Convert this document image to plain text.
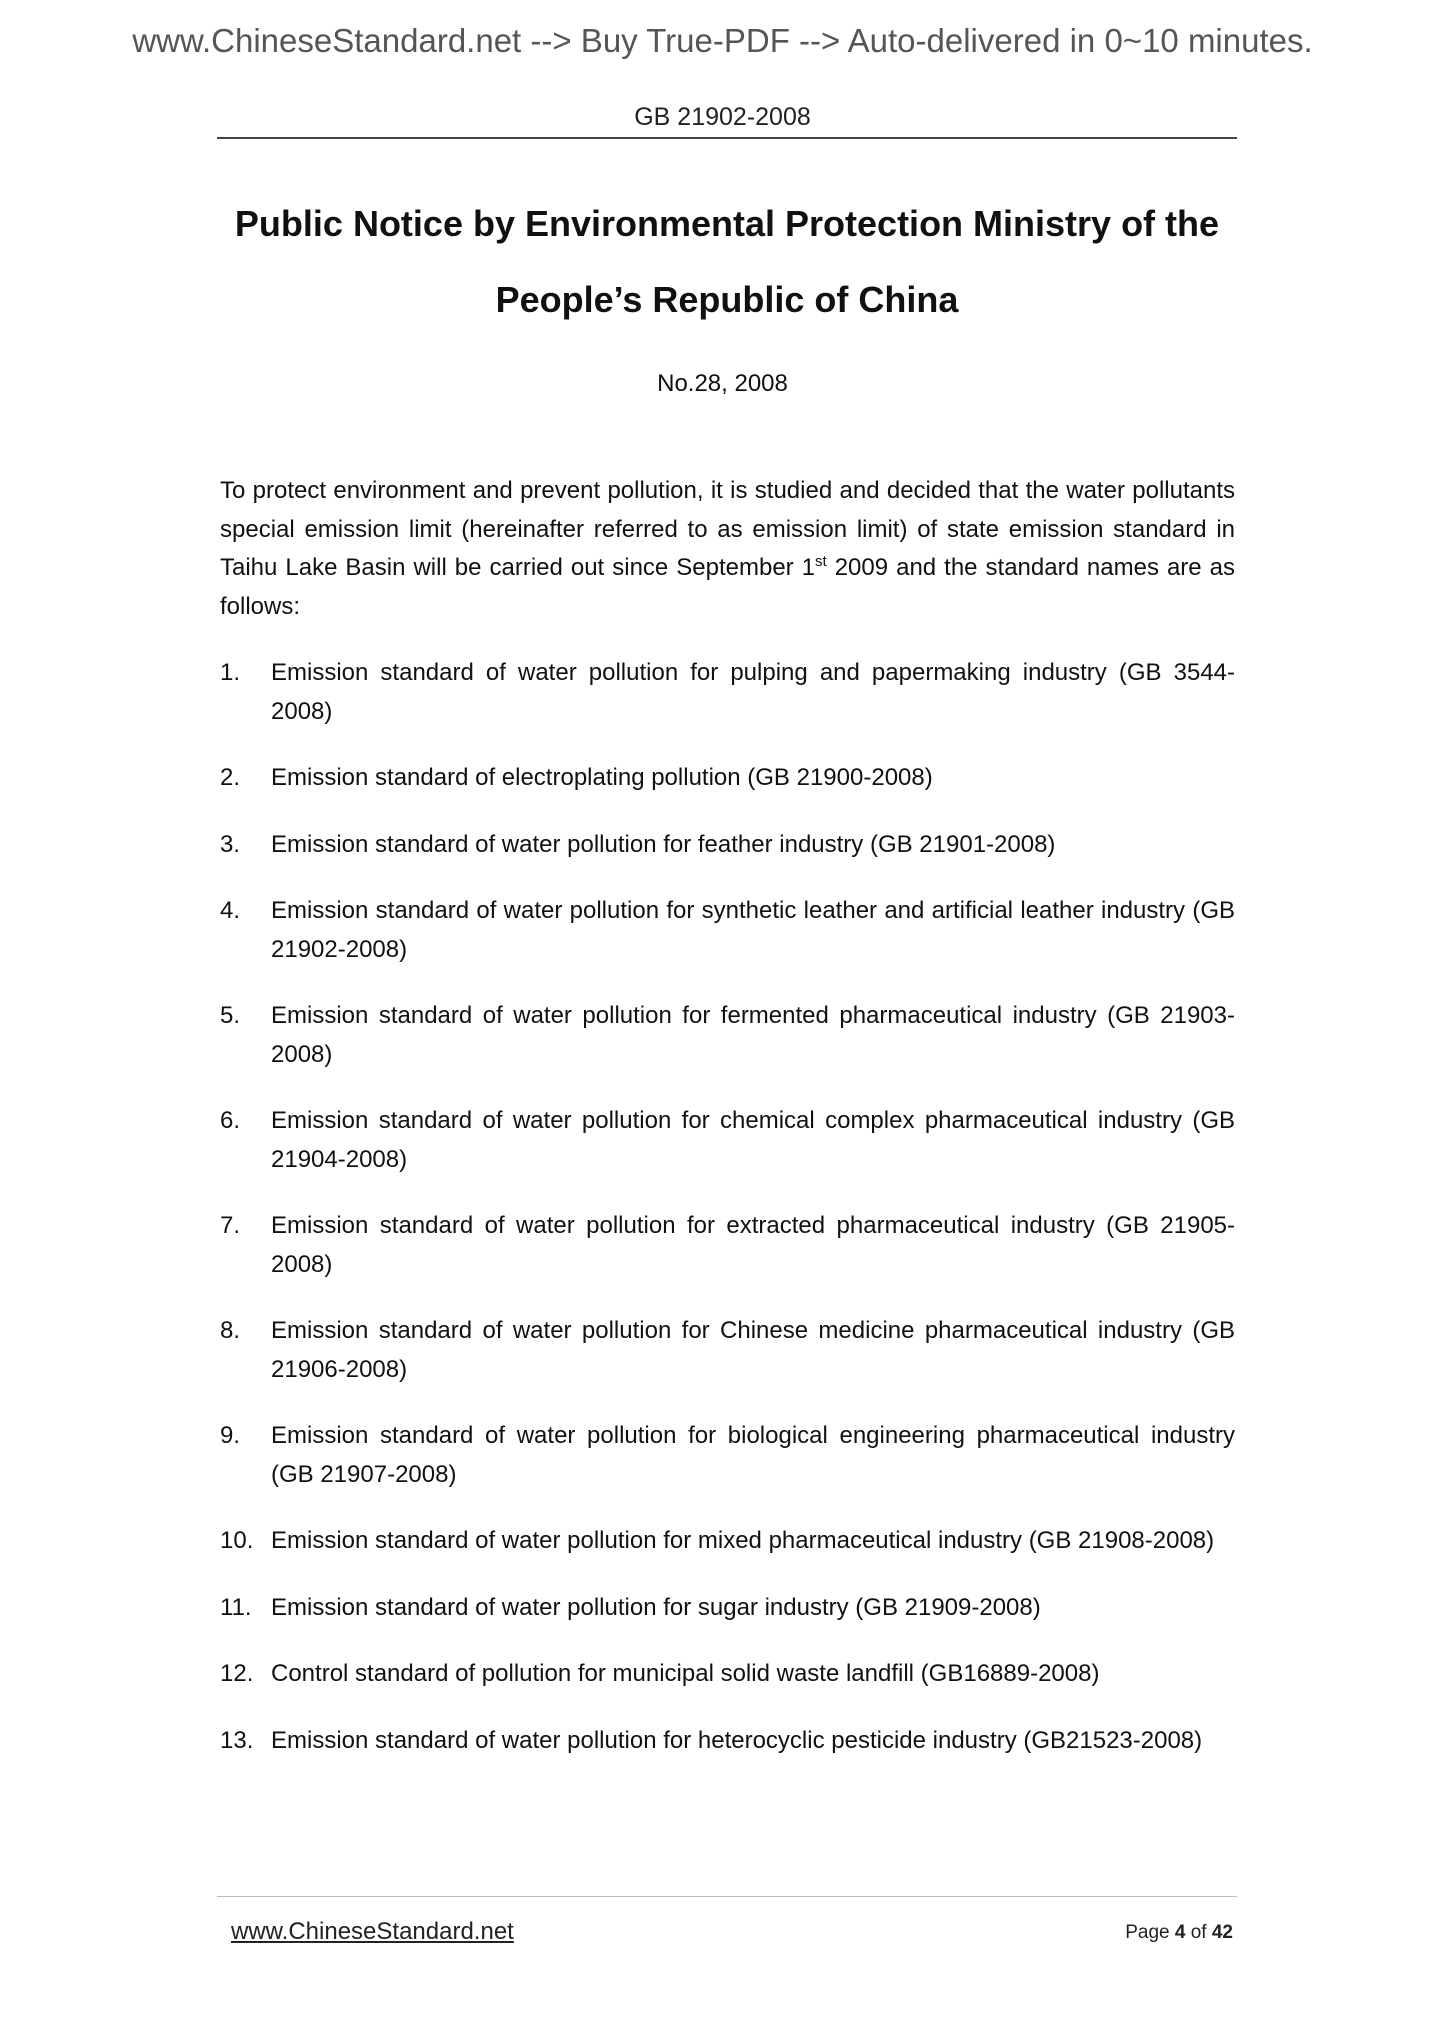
www.ChineseStandard.net --> Buy True-PDF --> Auto-delivered in 0~10 minutes.
GB 21902-2008
Public Notice by Environmental Protection Ministry of the
People’s Republic of China
No.28, 2008

To protect environment and prevent pollution, it is studied and decided that the water pollutants special emission limit (hereinafter referred to as emission limit) of state emission standard in Taihu Lake Basin will be carried out since September 1st 2009 and the standard names are as follows:

1. Emission standard of water pollution for pulping and papermaking industry (GB 3544-2008)
2. Emission standard of electroplating pollution (GB 21900-2008)
3. Emission standard of water pollution for feather industry (GB 21901-2008)
4. Emission standard of water pollution for synthetic leather and artificial leather industry (GB 21902-2008)
5. Emission standard of water pollution for fermented pharmaceutical industry (GB 21903-2008)
6. Emission standard of water pollution for chemical complex pharmaceutical industry (GB 21904-2008)
7. Emission standard of water pollution for extracted pharmaceutical industry (GB 21905-2008)
8. Emission standard of water pollution for Chinese medicine pharmaceutical industry (GB 21906-2008)
9. Emission standard of water pollution for biological engineering pharmaceutical industry (GB 21907-2008)
10. Emission standard of water pollution for mixed pharmaceutical industry (GB 21908-2008)
11. Emission standard of water pollution for sugar industry (GB 21909-2008)
12. Control standard of pollution for municipal solid waste landfill (GB16889-2008)
13. Emission standard of water pollution for heterocyclic pesticide industry (GB21523-2008)
www.ChineseStandard.net	Page 4 of 42
